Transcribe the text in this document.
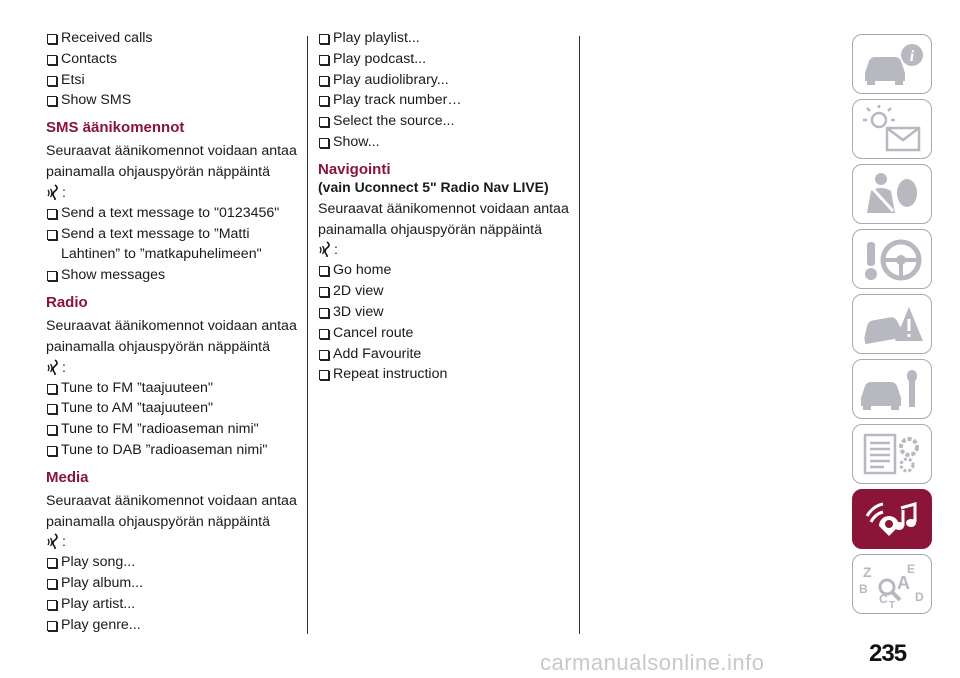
Received calls
Contacts
Etsi
Show SMS
SMS äänikomennot
Seuraavat äänikomennot voidaan antaa painamalla ohjauspyörän näppäintä
:
Send a text message to "0123456"
Send a text message to ”Matti Lahtinen” to ”matkapuhelimeen"
Show messages
Radio
Seuraavat äänikomennot voidaan antaa painamalla ohjauspyörän näppäintä
:
Tune to FM ”taajuuteen"
Tune to AM ”taajuuteen"
Tune to FM ”radioaseman nimi"
Tune to DAB ”radioaseman nimi"
Media
Seuraavat äänikomennot voidaan antaa painamalla ohjauspyörän näppäintä
:
Play song...
Play album...
Play artist...
Play genre...
Play playlist...
Play podcast...
Play audiolibrary...
Play track number…
Select the source...
Show...
Navigointi
(vain Uconnect 5" Radio Nav LIVE)
Seuraavat äänikomennot voidaan antaa painamalla ohjauspyörän näppäintä
:
Go home
2D view
3D view
Cancel route
Add Favourite
Repeat instruction
i
Z	E
A
B
C D
T
235
carmanualsonline.info
